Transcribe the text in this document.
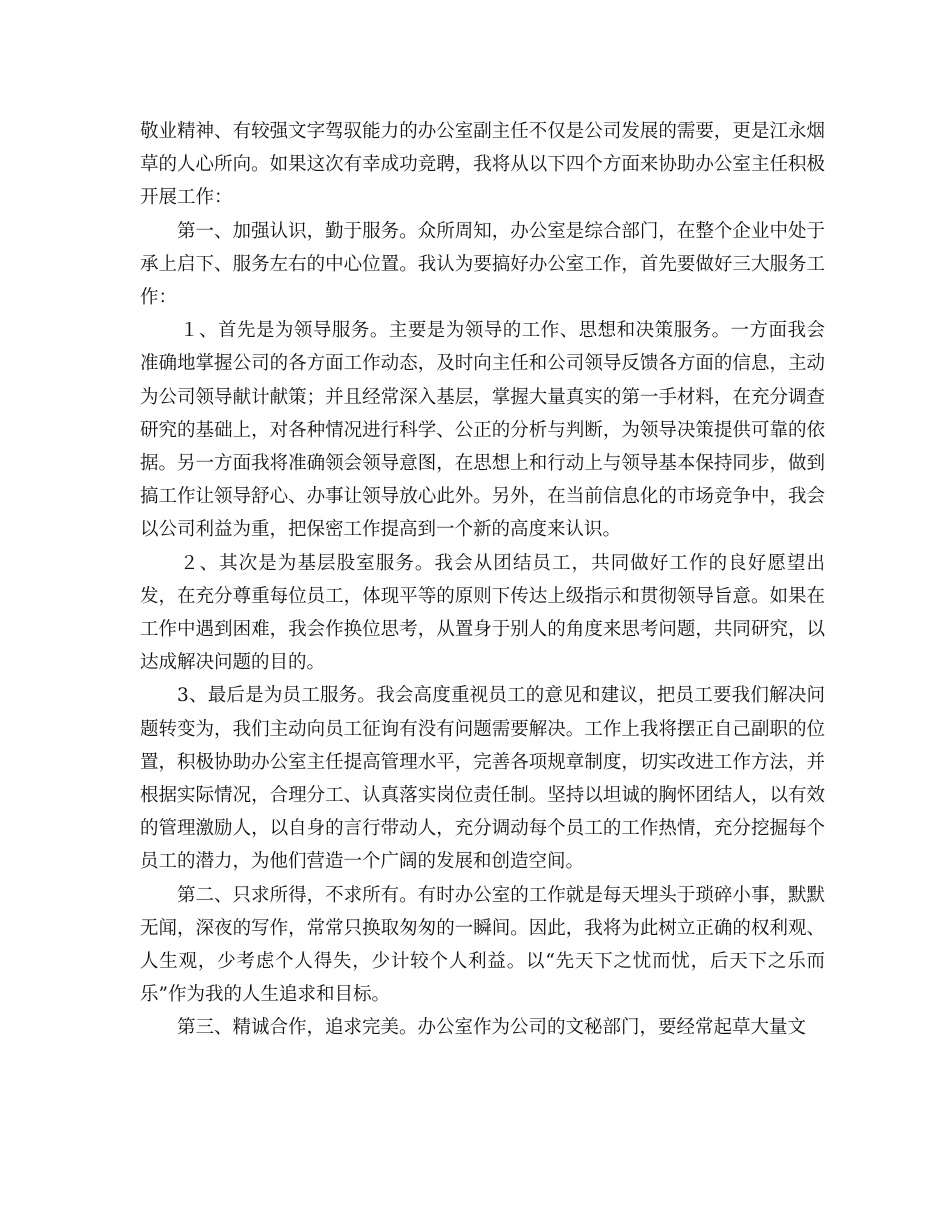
敬业精神、有较强文字驾驭能力的办公室副主任不仅是公司发展的需要，更是江永烟草的人心所向。如果这次有幸成功竞聘，我将从以下四个方面来协助办公室主任积极开展工作：

第一、加强认识，勤于服务。众所周知，办公室是综合部门，在整个企业中处于承上启下、服务左右的中心位置。我认为要搞好办公室工作，首先要做好三大服务工作：

１、首先是为领导服务。主要是为领导的工作、思想和决策服务。一方面我会准确地掌握公司的各方面工作动态，及时向主任和公司领导反馈各方面的信息，主动为公司领导献计献策；并且经常深入基层，掌握大量真实的第一手材料，在充分调查研究的基础上，对各种情况进行科学、公正的分析与判断，为领导决策提供可靠的依据。另一方面我将准确领会领导意图，在思想上和行动上与领导基本保持同步，做到搞工作让领导舒心、办事让领导放心此外。另外，在当前信息化的市场竞争中，我会以公司利益为重，把保密工作提高到一个新的高度来认识。

２、其次是为基层股室服务。我会从团结员工，共同做好工作的良好愿望出发，在充分尊重每位员工，体现平等的原则下传达上级指示和贯彻领导旨意。如果在工作中遇到困难，我会作换位思考，从置身于别人的角度来思考问题，共同研究，以达成解决问题的目的。

3、最后是为员工服务。我会高度重视员工的意见和建议，把员工要我们解决问题转变为，我们主动向员工征询有没有问题需要解决。工作上我将摆正自己副职的位置，积极协助办公室主任提高管理水平，完善各项规章制度，切实改进工作方法，并根据实际情况，合理分工、认真落实岗位责任制。坚持以坦诚的胸怀团结人，以有效的管理激励人，以自身的言行带动人，充分调动每个员工的工作热情，充分挖掘每个员工的潜力，为他们营造一个广阔的发展和创造空间。

第二、只求所得，不求所有。有时办公室的工作就是每天埋头于琐碎小事，默默无闻，深夜的写作，常常只换取匆匆的一瞬间。因此，我将为此树立正确的权利观、人生观，少考虑个人得失，少计较个人利益。以“先天下之忧而忧，后天下之乐而乐”作为我的人生追求和目标。

第三、精诚合作，追求完美。办公室作为公司的文秘部门，要经常起草大量文
